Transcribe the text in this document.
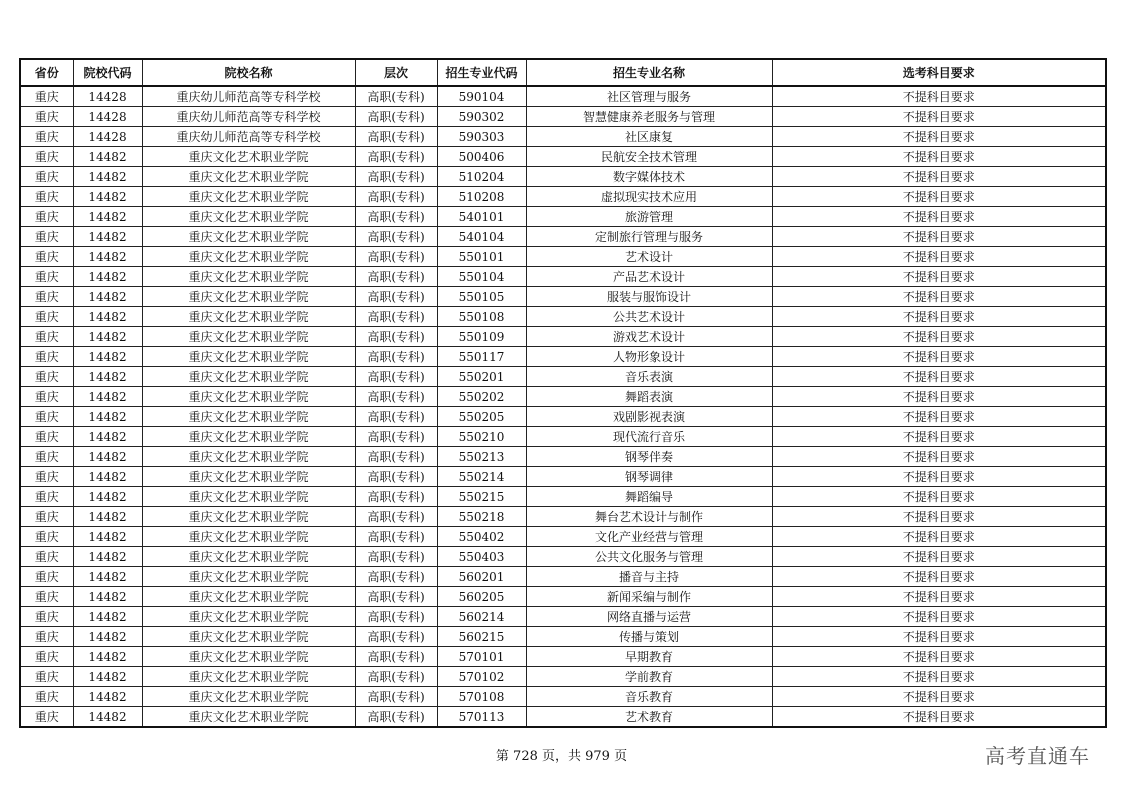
省份	院校代码	院校名称	层次	招生专业代码	招生专业名称	选考科目要求
重庆	14428	重庆幼儿师范高等专科学校	高职(专科)	590104	社区管理与服务	不提科目要求
重庆	14428	重庆幼儿师范高等专科学校	高职(专科)	590302	智慧健康养老服务与管理	不提科目要求
重庆	14428	重庆幼儿师范高等专科学校	高职(专科)	590303	社区康复	不提科目要求
重庆	14482	重庆文化艺术职业学院	高职(专科)	500406	民航安全技术管理	不提科目要求
重庆	14482	重庆文化艺术职业学院	高职(专科)	510204	数字媒体技术	不提科目要求
重庆	14482	重庆文化艺术职业学院	高职(专科)	510208	虚拟现实技术应用	不提科目要求
重庆	14482	重庆文化艺术职业学院	高职(专科)	540101	旅游管理	不提科目要求
重庆	14482	重庆文化艺术职业学院	高职(专科)	540104	定制旅行管理与服务	不提科目要求
重庆	14482	重庆文化艺术职业学院	高职(专科)	550101	艺术设计	不提科目要求
重庆	14482	重庆文化艺术职业学院	高职(专科)	550104	产品艺术设计	不提科目要求
重庆	14482	重庆文化艺术职业学院	高职(专科)	550105	服装与服饰设计	不提科目要求
重庆	14482	重庆文化艺术职业学院	高职(专科)	550108	公共艺术设计	不提科目要求
重庆	14482	重庆文化艺术职业学院	高职(专科)	550109	游戏艺术设计	不提科目要求
重庆	14482	重庆文化艺术职业学院	高职(专科)	550117	人物形象设计	不提科目要求
重庆	14482	重庆文化艺术职业学院	高职(专科)	550201	音乐表演	不提科目要求
重庆	14482	重庆文化艺术职业学院	高职(专科)	550202	舞蹈表演	不提科目要求
重庆	14482	重庆文化艺术职业学院	高职(专科)	550205	戏剧影视表演	不提科目要求
重庆	14482	重庆文化艺术职业学院	高职(专科)	550210	现代流行音乐	不提科目要求
重庆	14482	重庆文化艺术职业学院	高职(专科)	550213	钢琴伴奏	不提科目要求
重庆	14482	重庆文化艺术职业学院	高职(专科)	550214	钢琴调律	不提科目要求
重庆	14482	重庆文化艺术职业学院	高职(专科)	550215	舞蹈编导	不提科目要求
重庆	14482	重庆文化艺术职业学院	高职(专科)	550218	舞台艺术设计与制作	不提科目要求
重庆	14482	重庆文化艺术职业学院	高职(专科)	550402	文化产业经营与管理	不提科目要求
重庆	14482	重庆文化艺术职业学院	高职(专科)	550403	公共文化服务与管理	不提科目要求
重庆	14482	重庆文化艺术职业学院	高职(专科)	560201	播音与主持	不提科目要求
重庆	14482	重庆文化艺术职业学院	高职(专科)	560205	新闻采编与制作	不提科目要求
重庆	14482	重庆文化艺术职业学院	高职(专科)	560214	网络直播与运营	不提科目要求
重庆	14482	重庆文化艺术职业学院	高职(专科)	560215	传播与策划	不提科目要求
重庆	14482	重庆文化艺术职业学院	高职(专科)	570101	早期教育	不提科目要求
重庆	14482	重庆文化艺术职业学院	高职(专科)	570102	学前教育	不提科目要求
重庆	14482	重庆文化艺术职业学院	高职(专科)	570108	音乐教育	不提科目要求
重庆	14482	重庆文化艺术职业学院	高职(专科)	570113	艺术教育	不提科目要求
第 728 页，共 979 页	高考直通车
